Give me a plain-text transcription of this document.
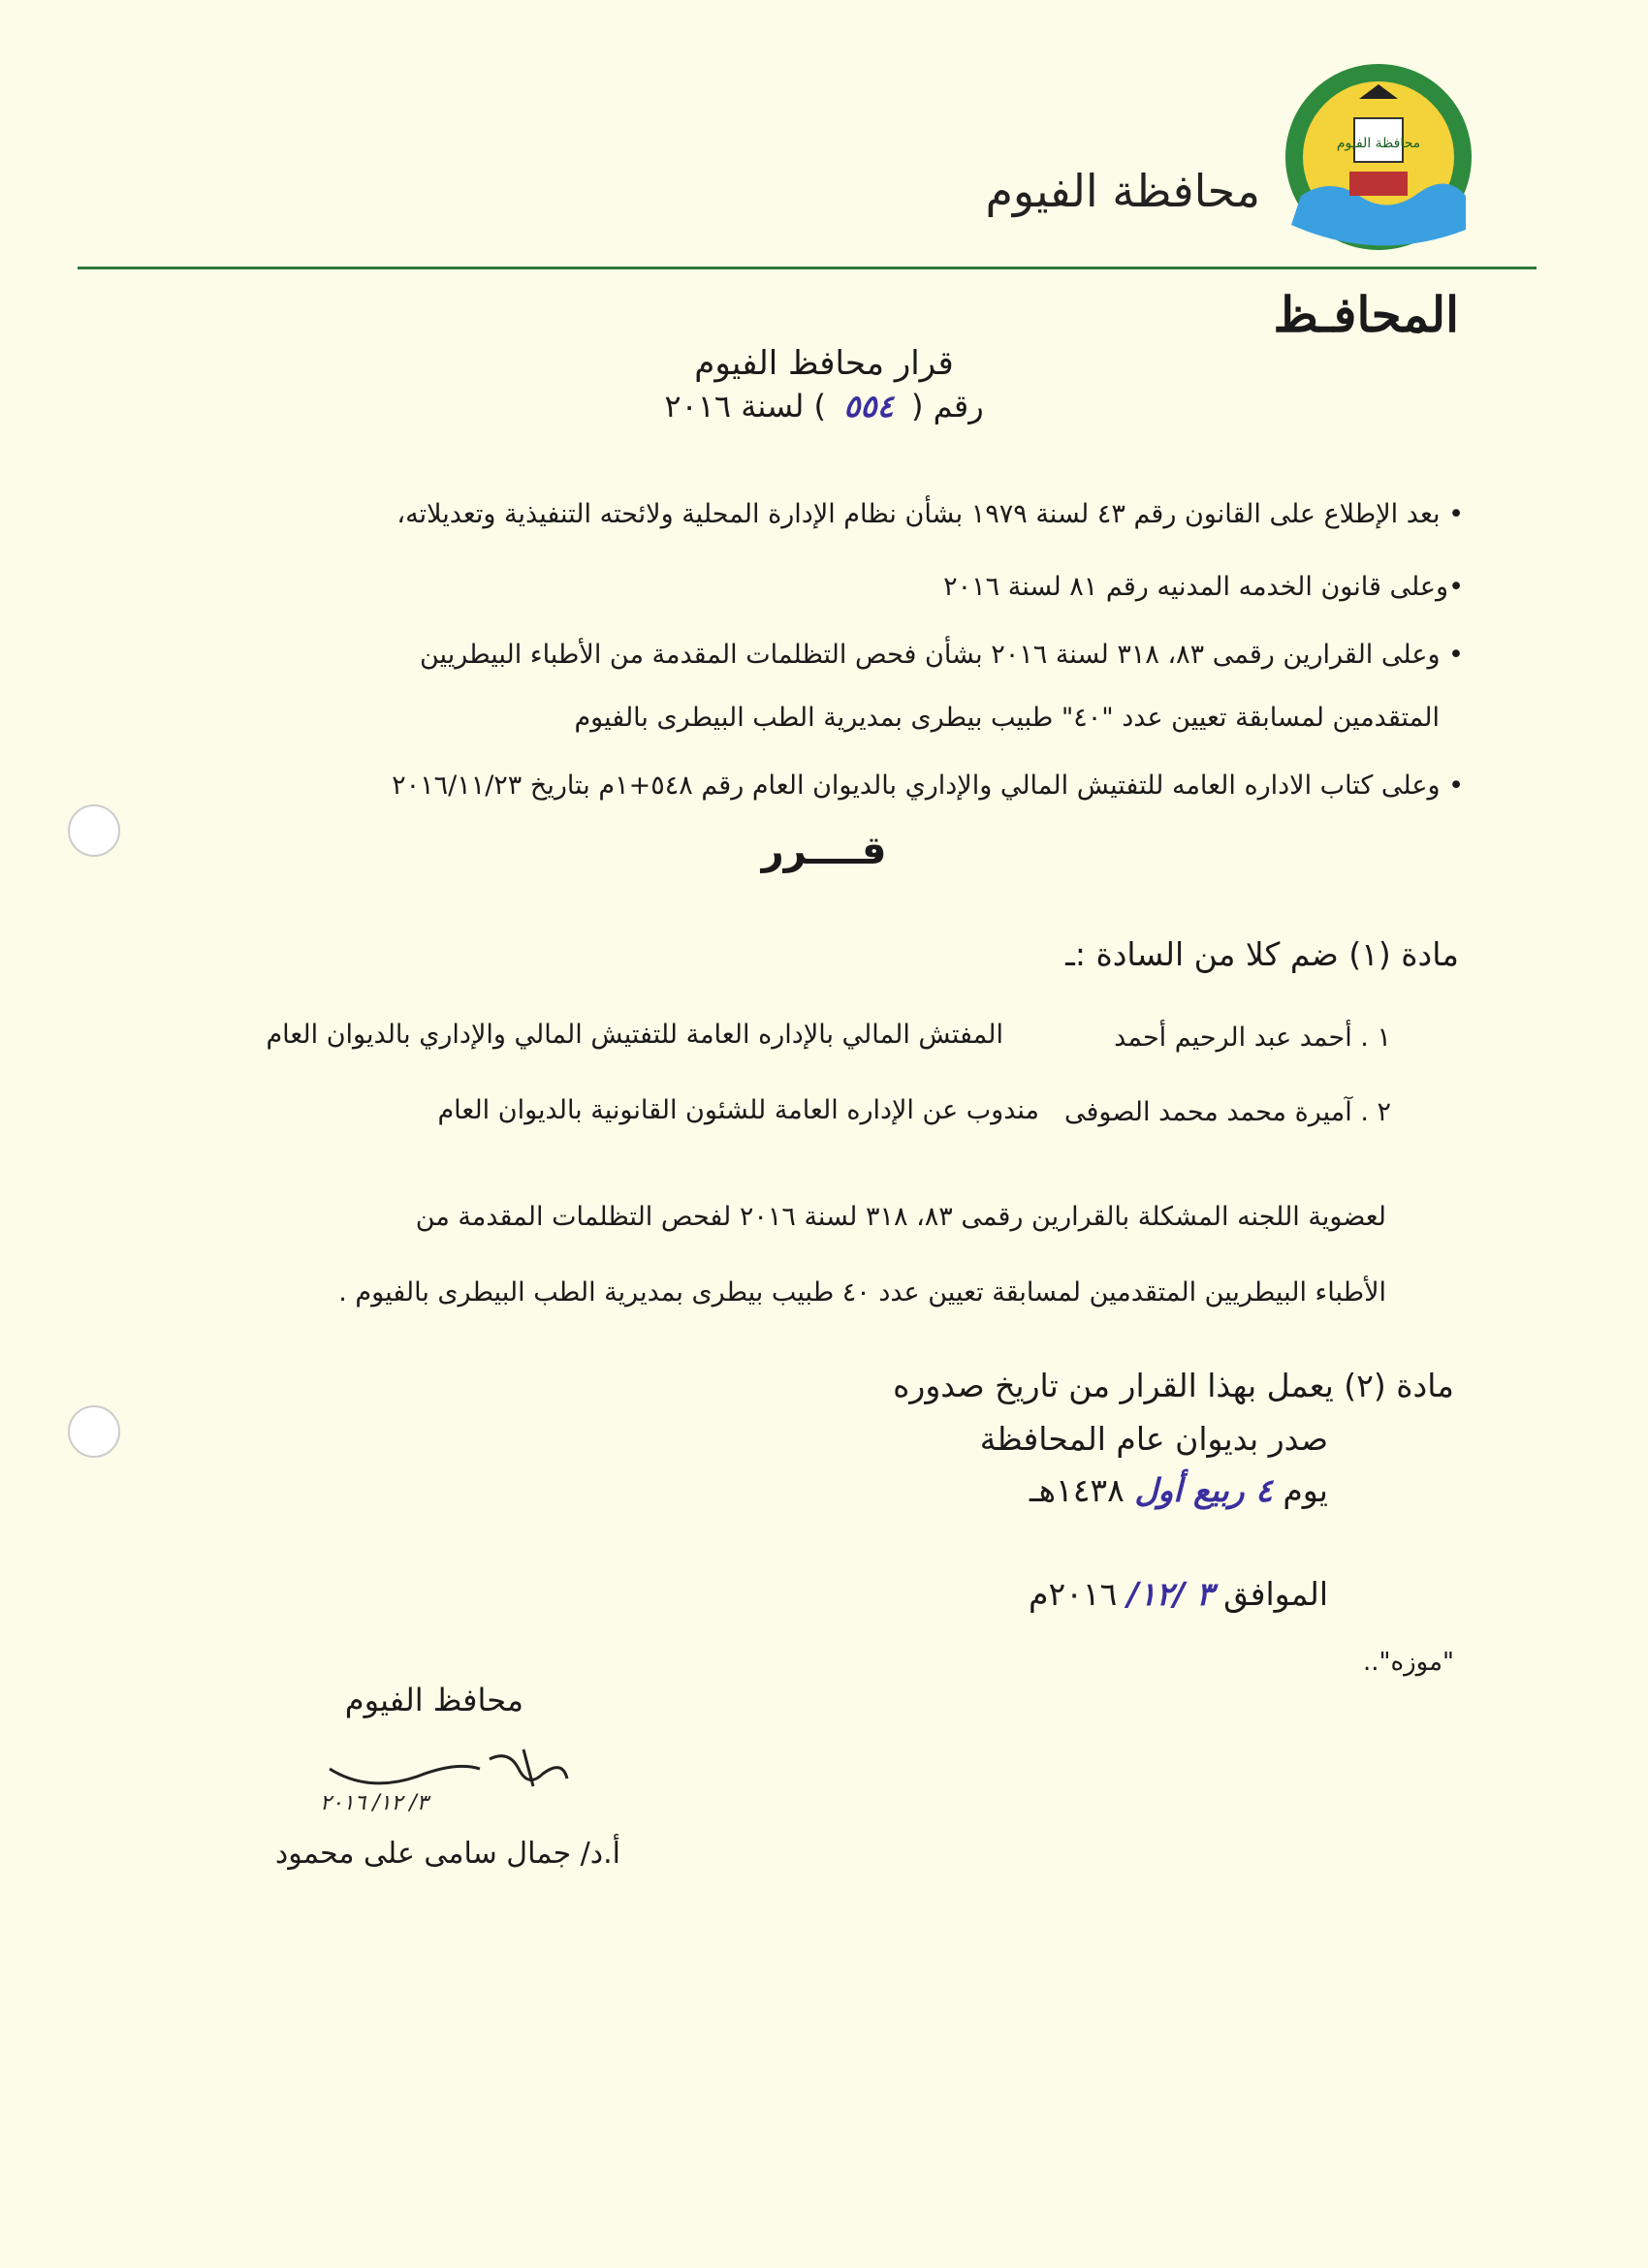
محافظة الفيوم
محافظة الفيوم
المحافـظ
قرار محافظ الفيوم
رقم ( ٥٥٤ ) لسنة ٢٠١٦
• بعد الإطلاع على القانون رقم ٤٣ لسنة ١٩٧٩ بشأن نظام الإدارة المحلية ولائحته التنفيذية وتعديلاته،
•وعلى قانون الخدمه المدنيه رقم ٨١ لسنة ٢٠١٦
• وعلى القرارين رقمى ٨٣، ٣١٨ لسنة ٢٠١٦ بشأن فحص التظلمات المقدمة من الأطباء البيطريين
المتقدمين لمسابقة تعيين عدد "٤٠" طبيب بيطرى بمديرية الطب البيطرى بالفيوم
• وعلى كتاب الاداره العامه للتفتيش المالي والإداري بالديوان العام رقم ٥٤٨+١م بتاريخ ٢٠١٦/١١/٢٣
قــــرر
مادة (١) ضم كلا من السادة :ـ
١ . أحمد عبد الرحيم أحمد
المفتش المالي بالإداره العامة للتفتيش المالي والإداري بالديوان العام
٢ . آميرة محمد محمد الصوفى
مندوب عن الإداره العامة للشئون القانونية بالديوان العام
لعضوية اللجنه المشكلة بالقرارين رقمى ٨٣، ٣١٨ لسنة ٢٠١٦ لفحص التظلمات المقدمة من
الأطباء البيطريين المتقدمين لمسابقة تعيين عدد ٤٠ طبيب بيطرى بمديرية الطب البيطرى بالفيوم .
مادة (٢) يعمل بهذا القرار من تاريخ صدوره
صدر بديوان عام المحافظة
يوم ٤ ربيع أول ١٤٣٨هـ
الموافق ٣ /١٢/ ٢٠١٦م
"موزه"..
محافظ الفيوم
٣/ ١٢/ ٢٠١٦
أ.د/ جمال سامى على محمود
